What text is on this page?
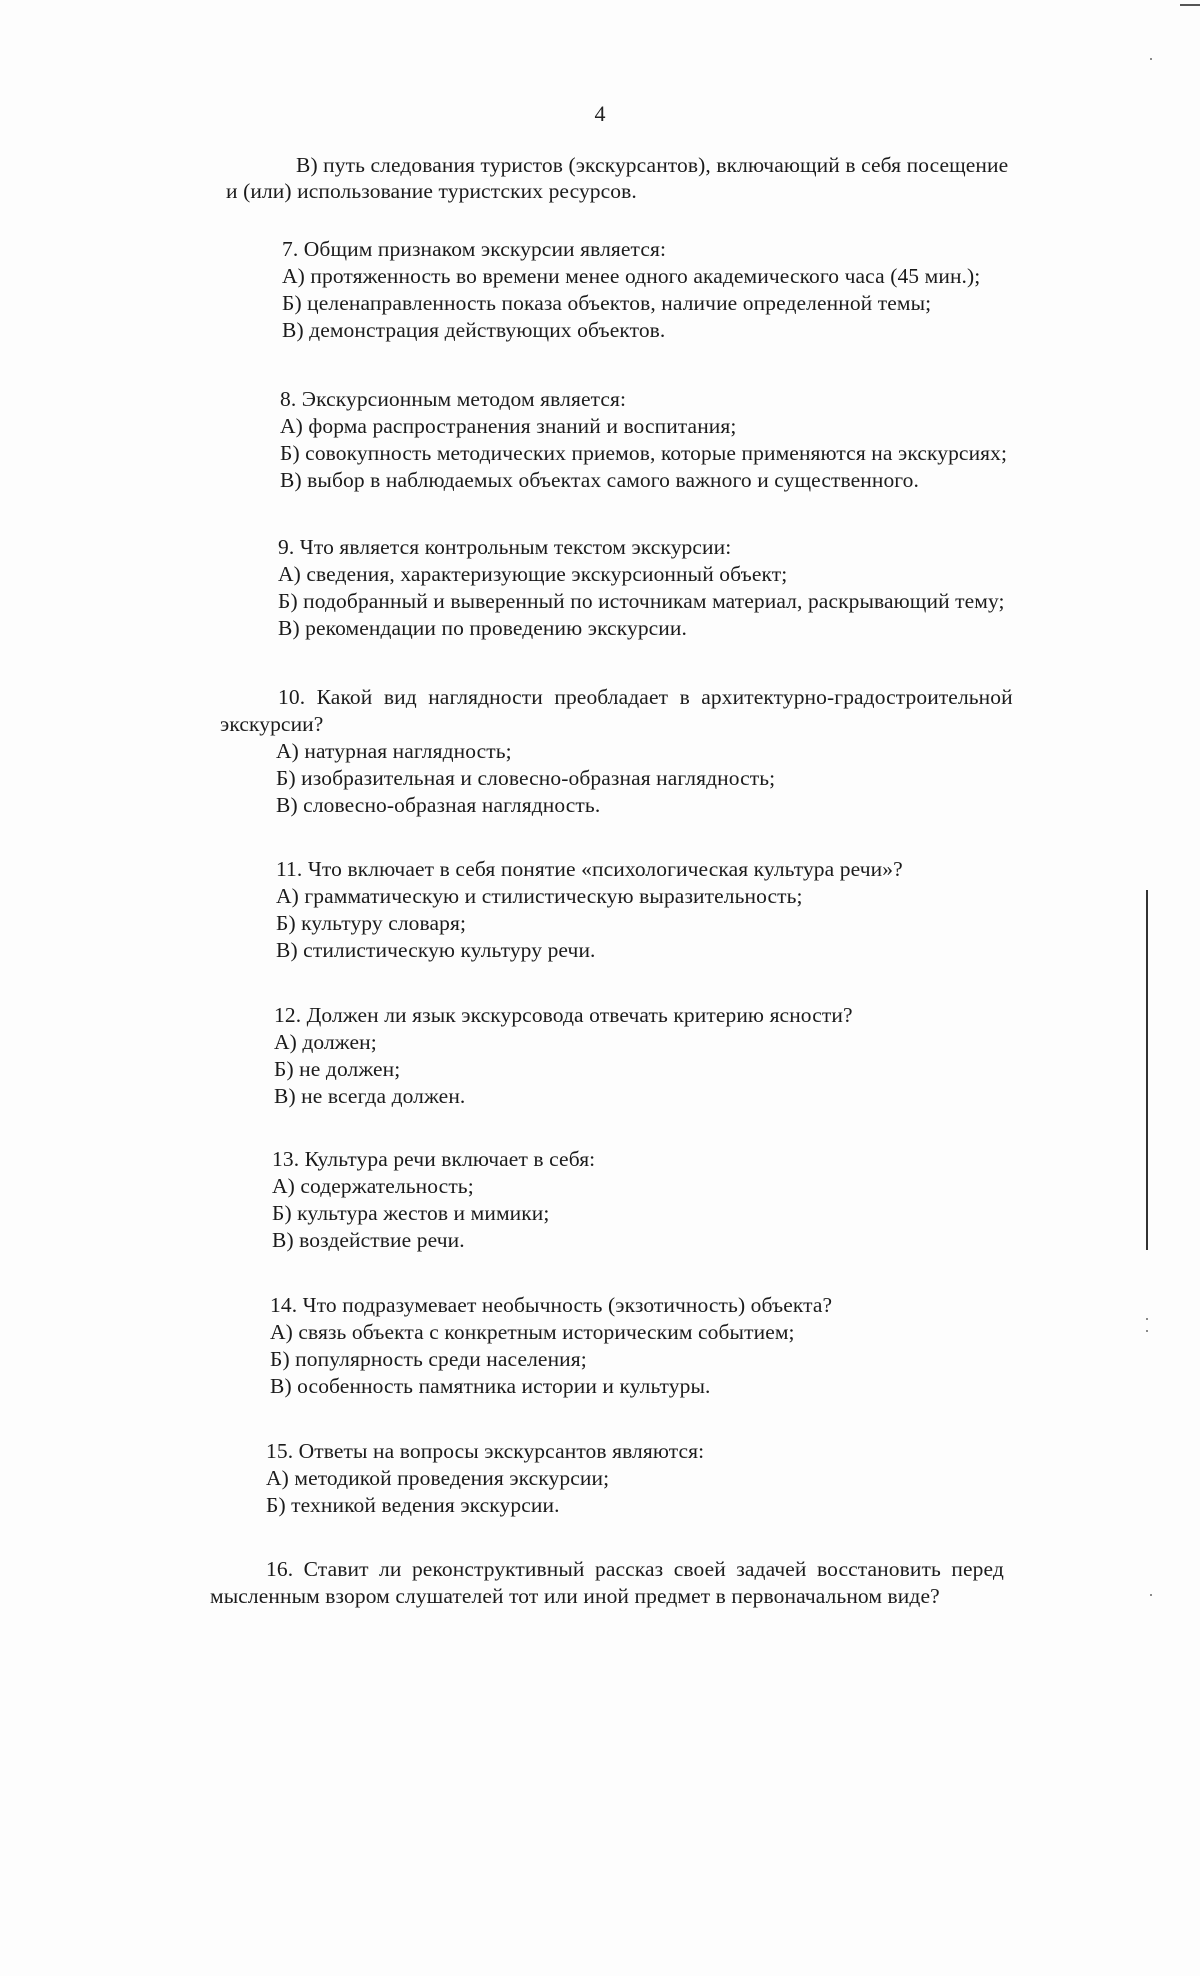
4
В) путь следования туристов (экскурсантов), включающий в себя посещение
и (или) использование туристских ресурсов.
7. Общим признаком экскурсии является:
А) протяженность во времени менее одного академического часа (45 мин.);
Б) целенаправленность показа объектов, наличие определенной темы;
В) демонстрация действующих объектов.
8. Экскурсионным методом является:
А) форма распространения знаний и воспитания;
Б) совокупность методических приемов, которые применяются на экскурсиях;
В) выбор в наблюдаемых объектах самого важного и существенного.
9. Что является контрольным текстом экскурсии:
А) сведения, характеризующие экскурсионный объект;
Б) подобранный и выверенный по источникам материал, раскрывающий тему;
В) рекомендации по проведению экскурсии.
10. Какой вид наглядности преобладает в архитектурно-градостроительной
экскурсии?
А) натурная наглядность;
Б) изобразительная и словесно-образная наглядность;
В) словесно-образная наглядность.
11. Что включает в себя понятие «психологическая культура речи»?
А) грамматическую и стилистическую выразительность;
Б) культуру словаря;
В) стилистическую культуру речи.
12. Должен ли язык экскурсовода отвечать критерию ясности?
А) должен;
Б) не должен;
В) не всегда должен.
13. Культура речи включает в себя:
А) содержательность;
Б) культура жестов и мимики;
В) воздействие речи.
14. Что подразумевает необычность (экзотичность) объекта?
А) связь объекта с конкретным историческим событием;
Б) популярность среди населения;
В) особенность памятника истории и культуры.
15. Ответы на вопросы экскурсантов являются:
А) методикой проведения экскурсии;
Б) техникой ведения экскурсии.
16. Ставит ли реконструктивный рассказ своей задачей восстановить перед
мысленным взором слушателей тот или иной предмет в первоначальном виде?
